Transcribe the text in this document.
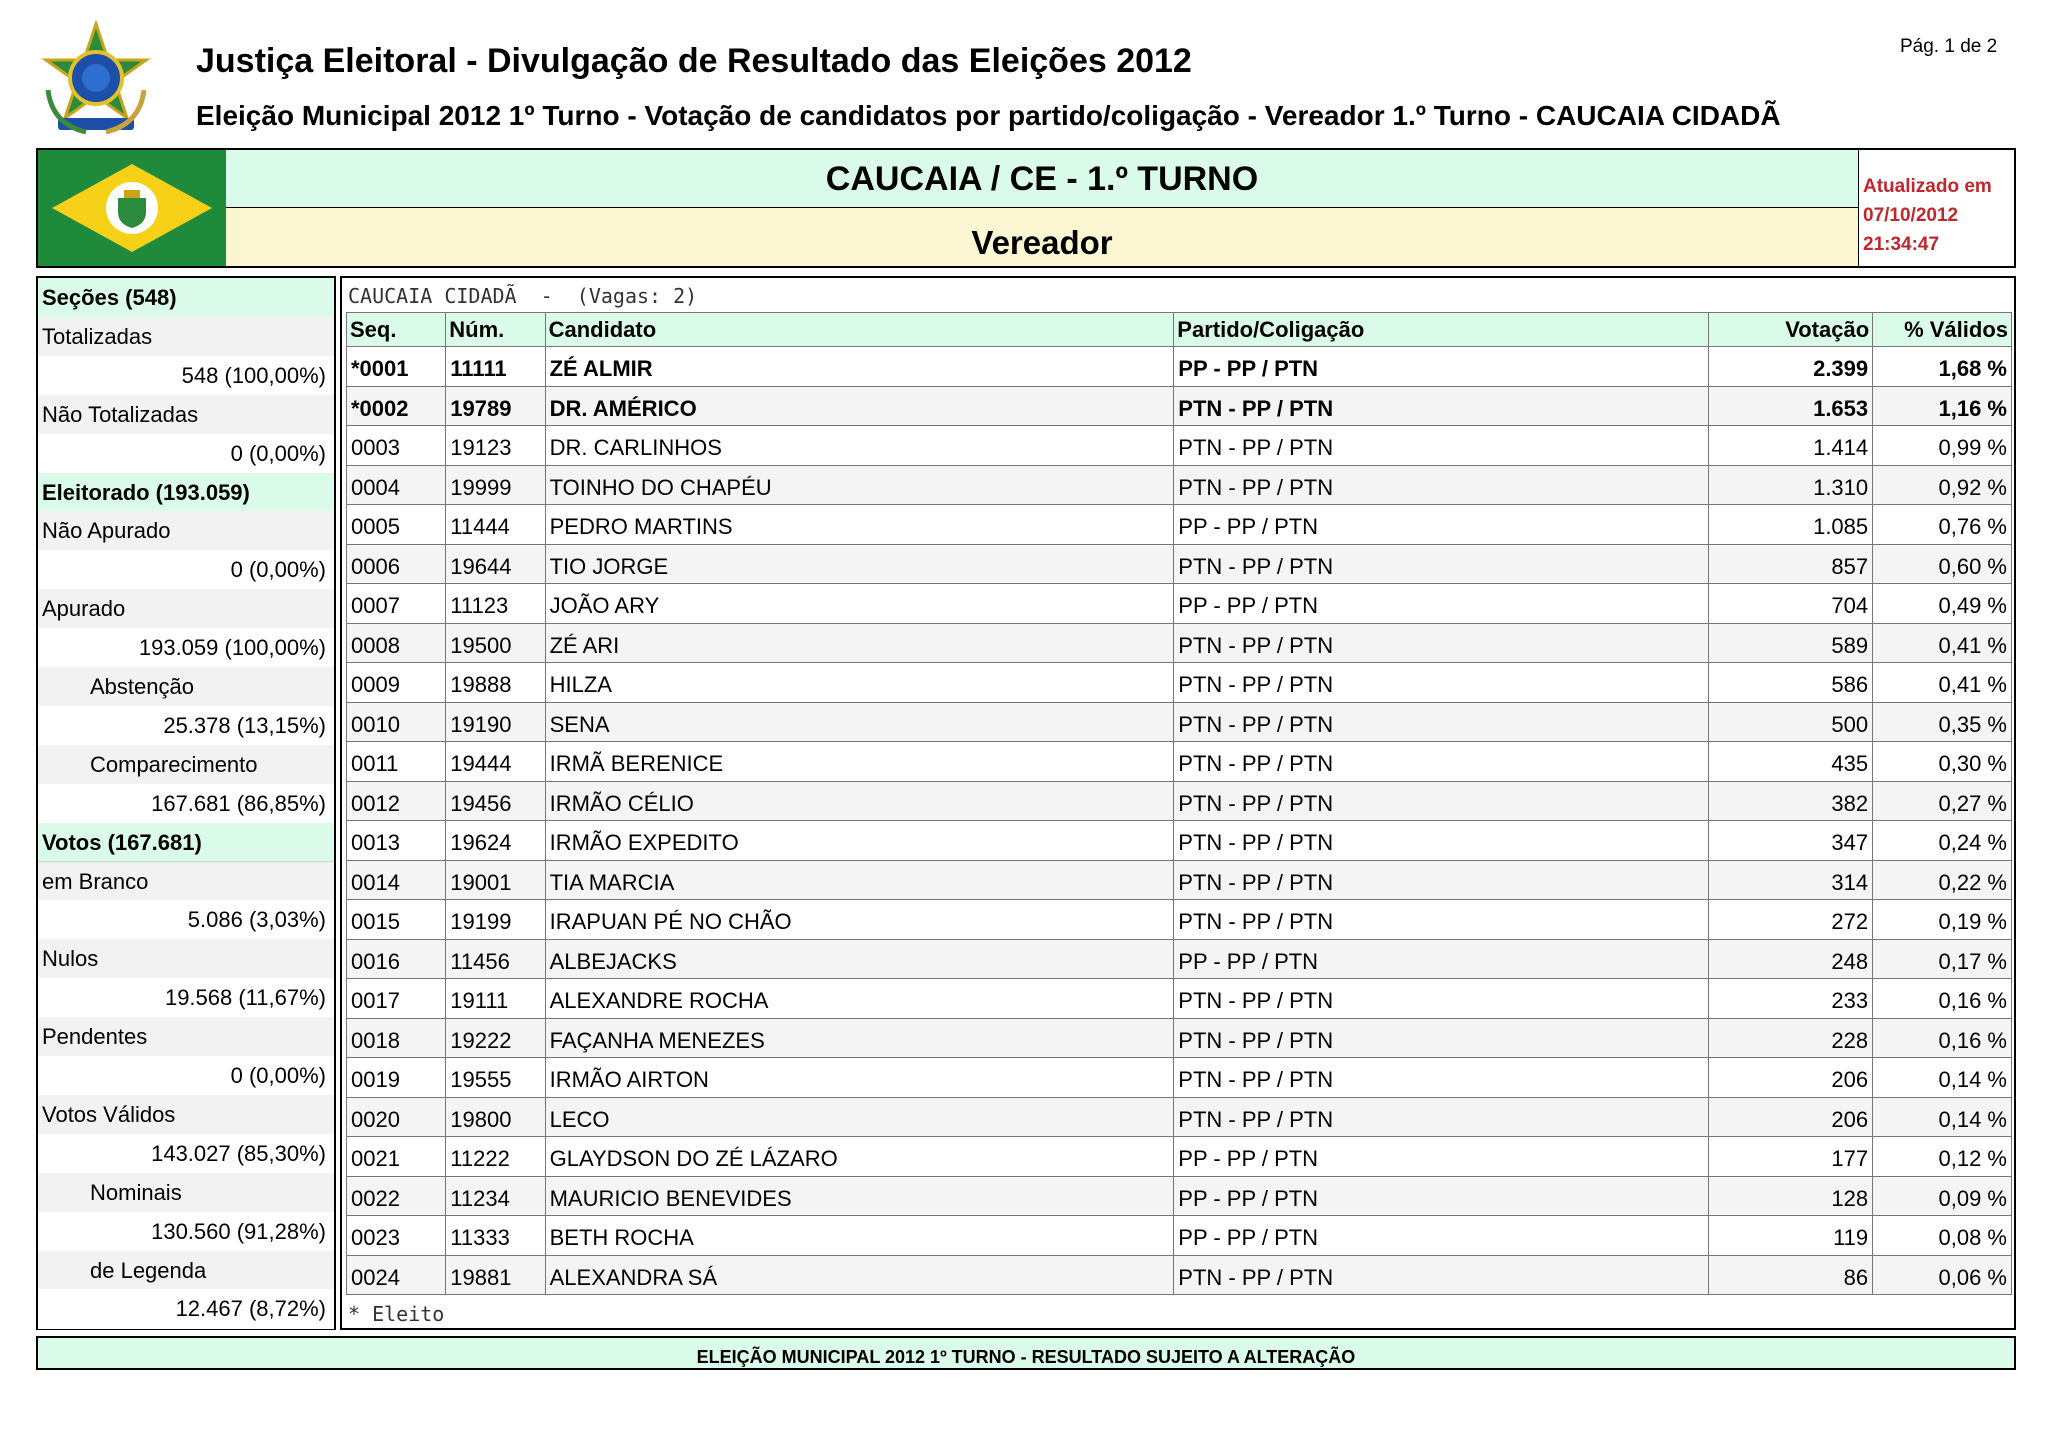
Justiça Eleitoral - Divulgação de Resultado das Eleições 2012
Eleição Municipal 2012 1º Turno - Votação de candidatos por partido/coligação - Vereador 1.º Turno - CAUCAIA CIDADÃ
Pág. 1 de 2
CAUCAIA / CE - 1.º TURNO
Vereador
Atualizado em
07/10/2012
21:34:47
Seções (548)
Totalizadas
548 (100,00%)
Não Totalizadas
0 (0,00%)
Eleitorado (193.059)
Não Apurado
0 (0,00%)
Apurado
193.059 (100,00%)
Abstenção
25.378 (13,15%)
Comparecimento
167.681 (86,85%)
Votos (167.681)
em Branco
5.086 (3,03%)
Nulos
19.568 (11,67%)
Pendentes
0 (0,00%)
Votos Válidos
143.027 (85,30%)
Nominais
130.560 (91,28%)
de Legenda
12.467 (8,72%)
CAUCAIA CIDADÃ  -  (Vagas: 2)
Seq.	Núm.	Candidato	Partido/Coligação	Votação	% Válidos
*0001	11111	ZÉ ALMIR	PP - PP / PTN	2.399	1,68 %
*0002	19789	DR. AMÉRICO	PTN - PP / PTN	1.653	1,16 %
0003	19123	DR. CARLINHOS	PTN - PP / PTN	1.414	0,99 %
0004	19999	TOINHO DO CHAPÉU	PTN - PP / PTN	1.310	0,92 %
0005	11444	PEDRO MARTINS	PP - PP / PTN	1.085	0,76 %
0006	19644	TIO JORGE	PTN - PP / PTN	857	0,60 %
0007	11123	JOÃO ARY	PP - PP / PTN	704	0,49 %
0008	19500	ZÉ ARI	PTN - PP / PTN	589	0,41 %
0009	19888	HILZA	PTN - PP / PTN	586	0,41 %
0010	19190	SENA	PTN - PP / PTN	500	0,35 %
0011	19444	IRMÃ BERENICE	PTN - PP / PTN	435	0,30 %
0012	19456	IRMÃO CÉLIO	PTN - PP / PTN	382	0,27 %
0013	19624	IRMÃO EXPEDITO	PTN - PP / PTN	347	0,24 %
0014	19001	TIA MARCIA	PTN - PP / PTN	314	0,22 %
0015	19199	IRAPUAN PÉ NO CHÃO	PTN - PP / PTN	272	0,19 %
0016	11456	ALBEJACKS	PP - PP / PTN	248	0,17 %
0017	19111	ALEXANDRE ROCHA	PTN - PP / PTN	233	0,16 %
0018	19222	FAÇANHA MENEZES	PTN - PP / PTN	228	0,16 %
0019	19555	IRMÃO AIRTON	PTN - PP / PTN	206	0,14 %
0020	19800	LECO	PTN - PP / PTN	206	0,14 %
0021	11222	GLAYDSON DO ZÉ LÁZARO	PP - PP / PTN	177	0,12 %
0022	11234	MAURICIO BENEVIDES	PP - PP / PTN	128	0,09 %
0023	11333	BETH ROCHA	PP - PP / PTN	119	0,08 %
0024	19881	ALEXANDRA SÁ	PTN - PP / PTN	86	0,06 %
* Eleito
ELEIÇÃO MUNICIPAL 2012 1º TURNO - RESULTADO SUJEITO A ALTERAÇÃO
